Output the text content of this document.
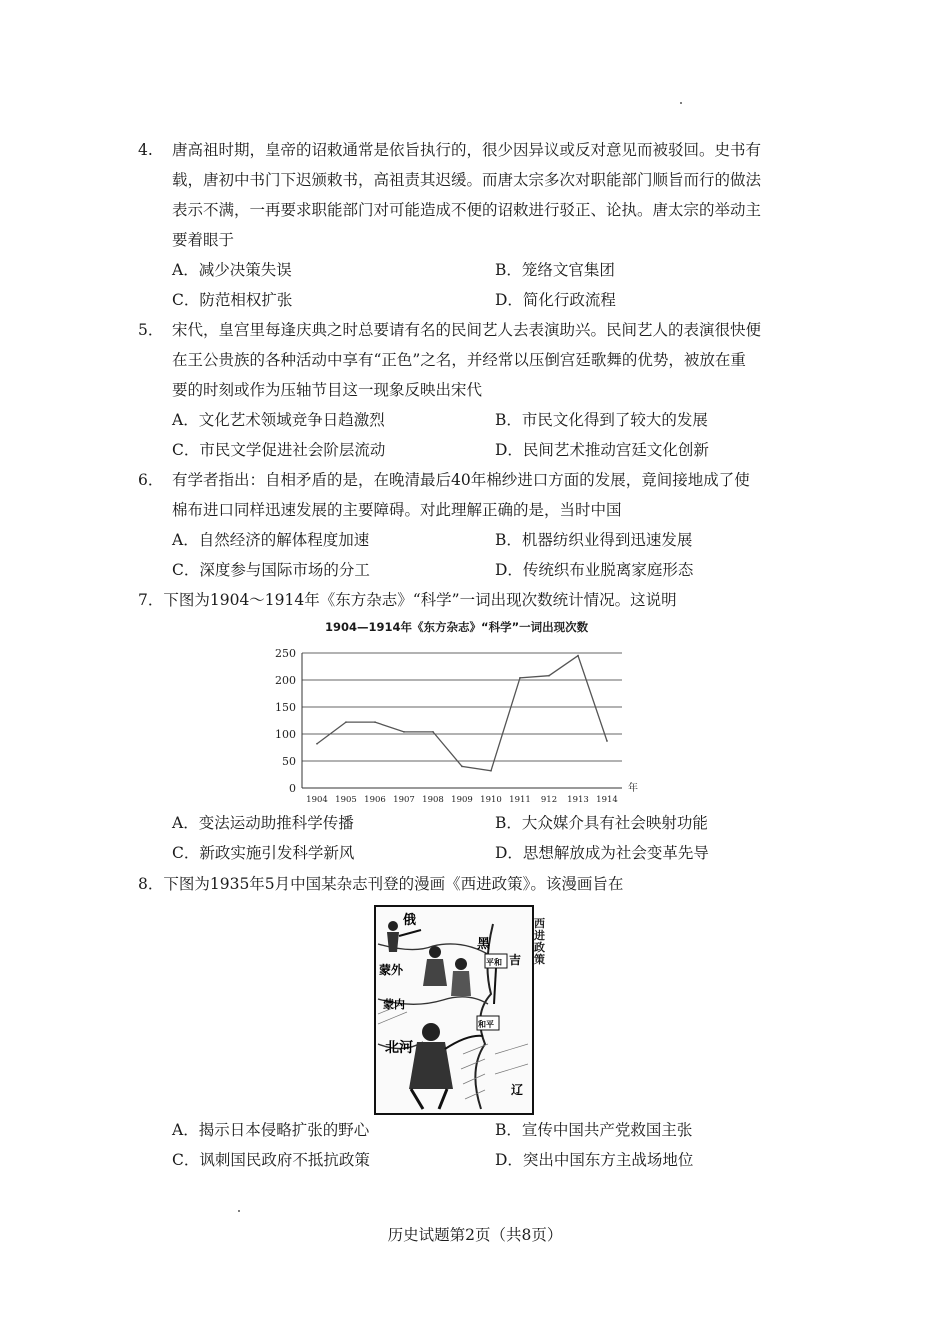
4. 唐高祖时期，皇帝的诏敕通常是依旨执行的，很少因异议或反对意见而被驳回。史书有
载，唐初中书门下迟颁敕书，高祖责其迟缓。而唐太宗多次对职能部门顺旨而行的做法
表示不满，一再要求职能部门对可能造成不便的诏敕进行驳正、论执。唐太宗的举动主
要着眼于
A．减少决策失误	B．笼络文官集团
C．防范相权扩张	D．简化行政流程
5． 宋代，皇宫里每逢庆典之时总要请有名的民间艺人去表演助兴。民间艺人的表演很快便
在王公贵族的各种活动中享有“正色”之名，并经常以压倒宫廷歌舞的优势，被放在重
要的时刻或作为压轴节目这一现象反映出宋代
A．文化艺术领域竞争日趋激烈	B．市民文化得到了较大的发展
C．市民文学促进社会阶层流动	D．民间艺术推动宫廷文化创新
6． 有学者指出：自相矛盾的是，在晚清最后40年棉纱进口方面的发展，竟间接地成了使
棉布进口同样迅速发展的主要障碍。对此理解正确的是，当时中国
A．自然经济的解体程度加速	B．机器纺织业得到迅速发展
C．深度参与国际市场的分工	D．传统织布业脱离家庭形态
7．下图为1904～1914年《东方杂志》“科学”一词出现次数统计情况。这说明
1904—1914年《东方杂志》“科学”一词出现次数
0
50
100
150
200
250
1904 1905 1906 1907 1908 1909 1910 1911 912 1913 1914
年
A．变法运动助推科学传播	B．大众媒介具有社会映射功能
C．新政实施引发科学新风	D．思想解放成为社会变革先导
8．下图为1935年5月中国某杂志刊登的漫画《西进政策》。该漫画旨在
俄
黑
吉
蒙外
蒙内
北河
辽
平和
和平
西进政策
A．揭示日本侵略扩张的野心	B．宣传中国共产党救国主张
C．讽刺国民政府不抵抗政策	D．突出中国东方主战场地位
历史试题第2页（共8页）
